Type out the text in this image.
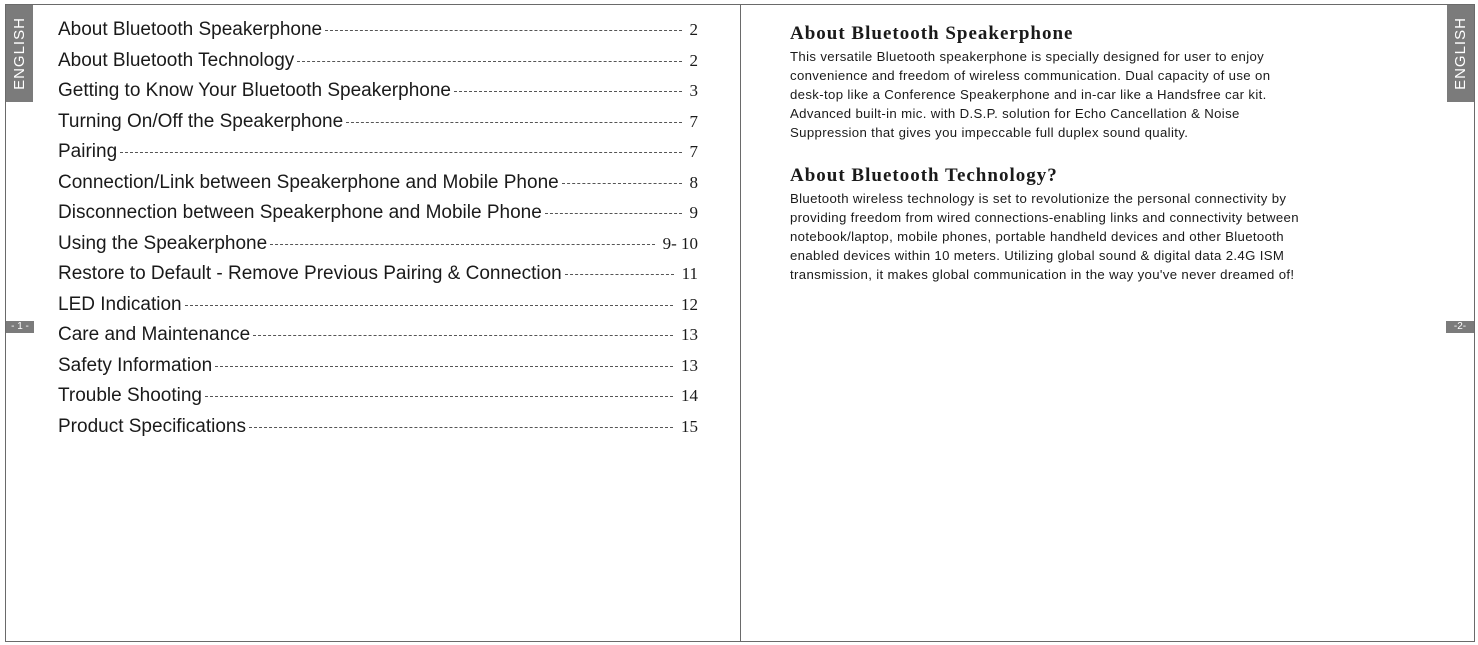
ENGLISH
- 1 -
About Bluetooth Speakerphone	2
About Bluetooth Technology	2
Getting to Know Your Bluetooth Speakerphone	3
Turning On/Off the Speakerphone	7
Pairing	7
Connection/Link between Speakerphone and Mobile Phone	8
Disconnection between Speakerphone and Mobile Phone	9
Using the Speakerphone	9- 10
Restore to Default - Remove Previous Pairing & Connection	11
LED Indication	12
Care and Maintenance	13
Safety Information	13
Trouble Shooting	14
Product Specifications	15
ENGLISH
-2-
About Bluetooth Speakerphone

This versatile Bluetooth speakerphone is specially designed for user to enjoy
convenience and freedom of wireless communication. Dual capacity of use on
desk-top like a Conference Speakerphone and in-car like a Handsfree car kit.
Advanced built-in mic. with D.S.P. solution for Echo Cancellation & Noise
Suppression that gives you impeccable full duplex sound quality.

About Bluetooth Technology?

Bluetooth wireless technology is set to revolutionize the personal connectivity by
providing freedom from wired connections-enabling links and connectivity between
notebook/laptop, mobile phones, portable handheld devices and other Bluetooth
enabled devices within 10 meters. Utilizing global sound & digital data 2.4G ISM
transmission, it makes global communication in the way you've never dreamed of!
